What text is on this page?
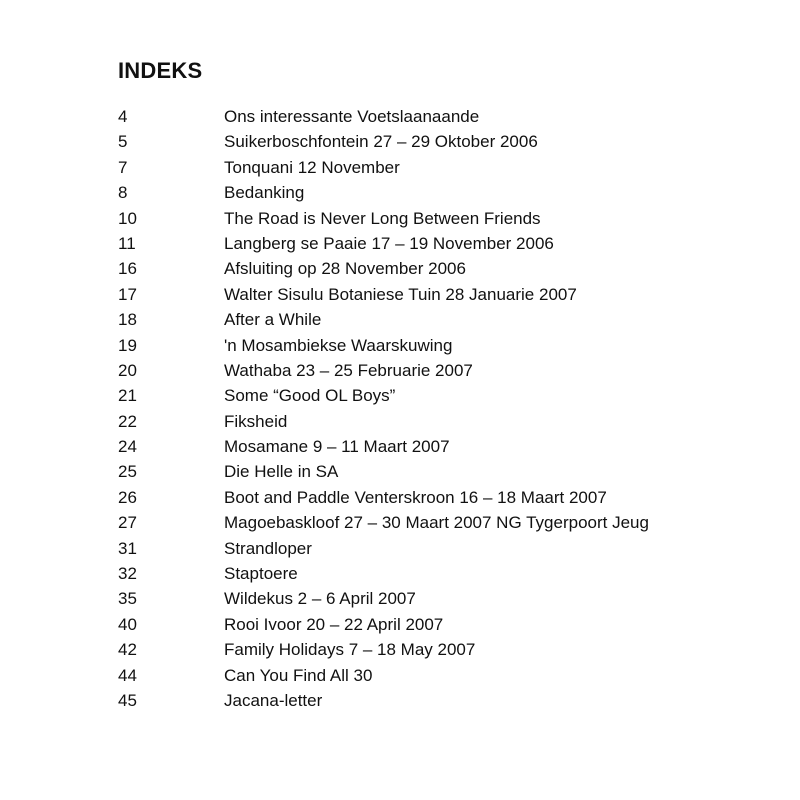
INDEKS
4	Ons interessante Voetslaanaande
5	Suikerboschfontein 27 – 29 Oktober 2006
7	Tonquani 12 November
8	Bedanking
10	The Road is Never Long Between Friends
11	Langberg se Paaie 17 – 19 November 2006
16	Afsluiting op 28 November 2006
17	Walter Sisulu Botaniese Tuin 28 Januarie 2007
18	After a While
19	'n Mosambiekse Waarskuwing
20	Wathaba 23 – 25 Februarie 2007
21	Some “Good OL Boys”
22	Fiksheid
24	Mosamane 9 – 11 Maart 2007
25	Die Helle in SA
26	Boot and Paddle Venterskroon 16 – 18 Maart 2007
27	Magoebaskloof 27 – 30 Maart 2007 NG Tygerpoort Jeug
31	Strandloper
32	Staptoere
35	Wildekus 2 – 6 April 2007
40	Rooi Ivoor 20 – 22 April 2007
42	Family Holidays 7 – 18 May 2007
44	Can You Find All 30
45	Jacana-letter
